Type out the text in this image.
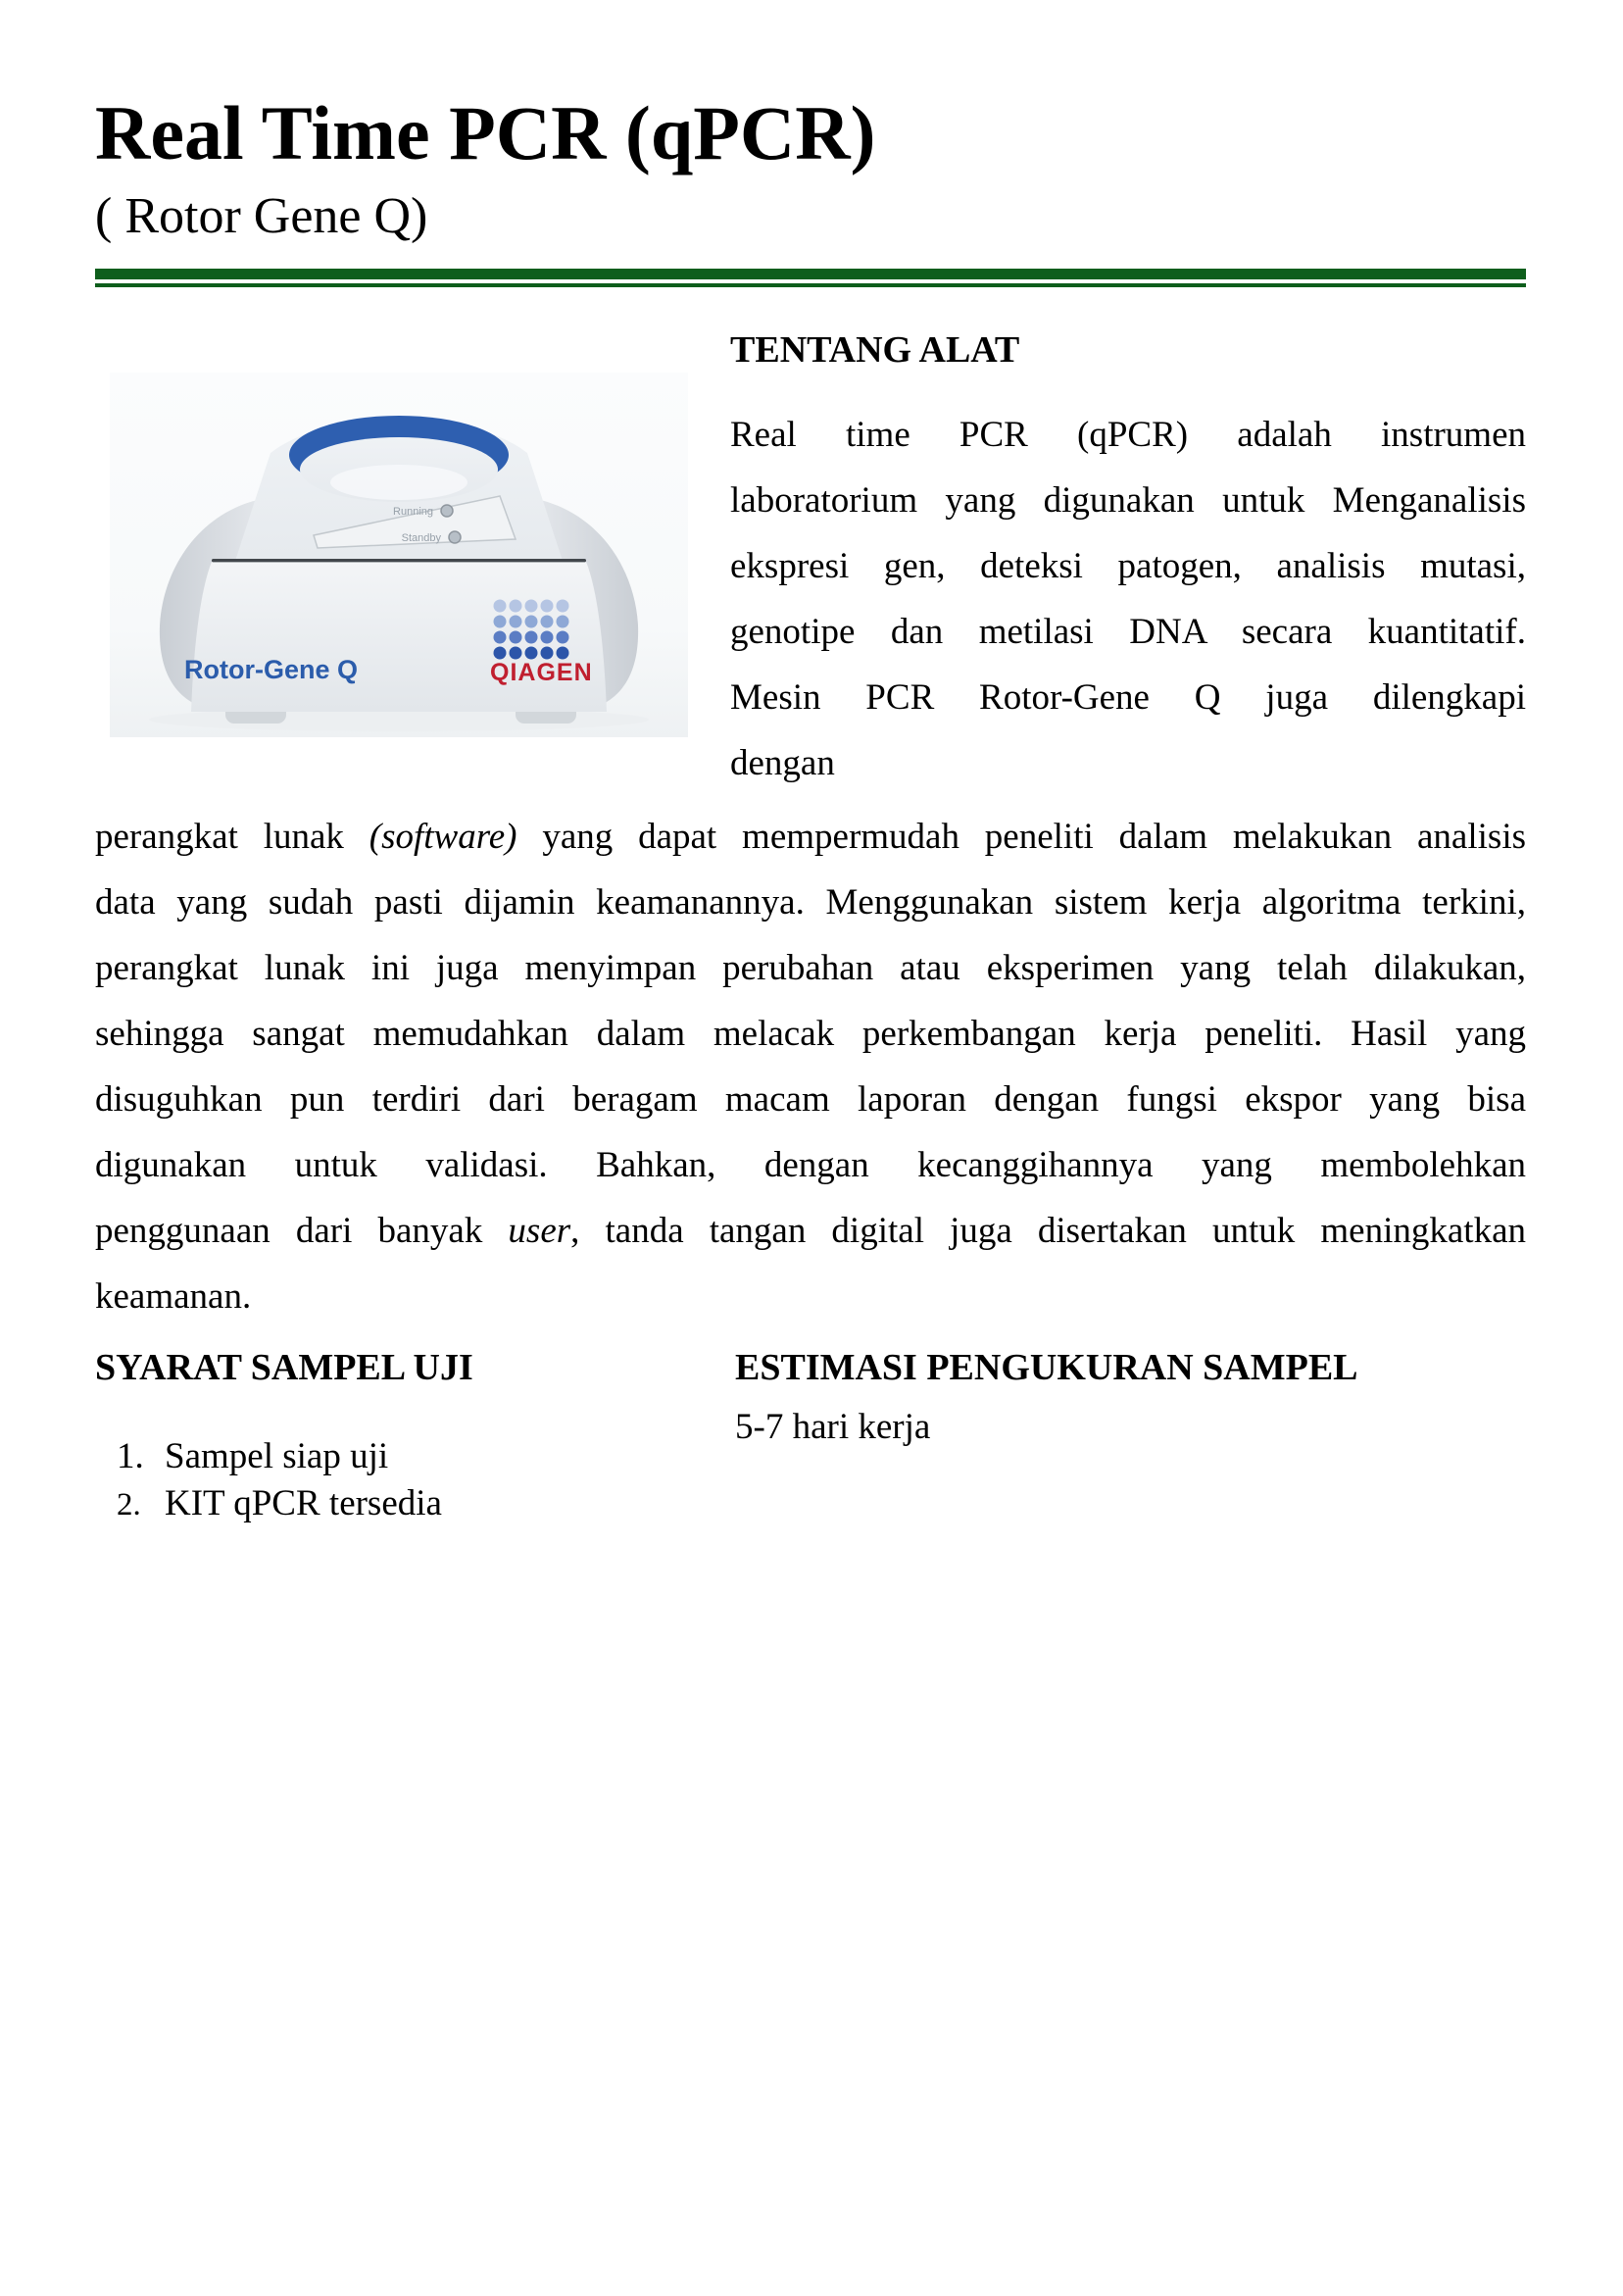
Real Time PCR (qPCR)
( Rotor Gene Q)
Running
Standby
Rotor-Gene Q	QIAGEN
TENTANG ALAT
Real time PCR (qPCR) adalah instrumen
laboratorium yang digunakan untuk Menganalisis
ekspresi gen, deteksi patogen, analisis mutasi,
genotipe dan metilasi DNA secara kuantitatif.
Mesin PCR Rotor-Gene Q juga dilengkapi
dengan
perangkat lunak (software) yang dapat mempermudah peneliti dalam melakukan analisis
data yang sudah pasti dijamin keamanannya. Menggunakan sistem kerja algoritma terkini,
perangkat lunak ini juga menyimpan perubahan atau eksperimen yang telah dilakukan,
sehingga sangat memudahkan dalam melacak perkembangan kerja peneliti. Hasil yang
disuguhkan pun terdiri dari beragam macam laporan dengan fungsi ekspor yang bisa
digunakan untuk validasi. Bahkan, dengan kecanggihannya yang membolehkan
penggunaan dari banyak user, tanda tangan digital juga disertakan untuk meningkatkan
keamanan.
SYARAT SAMPEL UJI	ESTIMASI PENGUKURAN SAMPEL
5-7 hari kerja
1. Sampel siap uji
2. KIT qPCR tersedia
